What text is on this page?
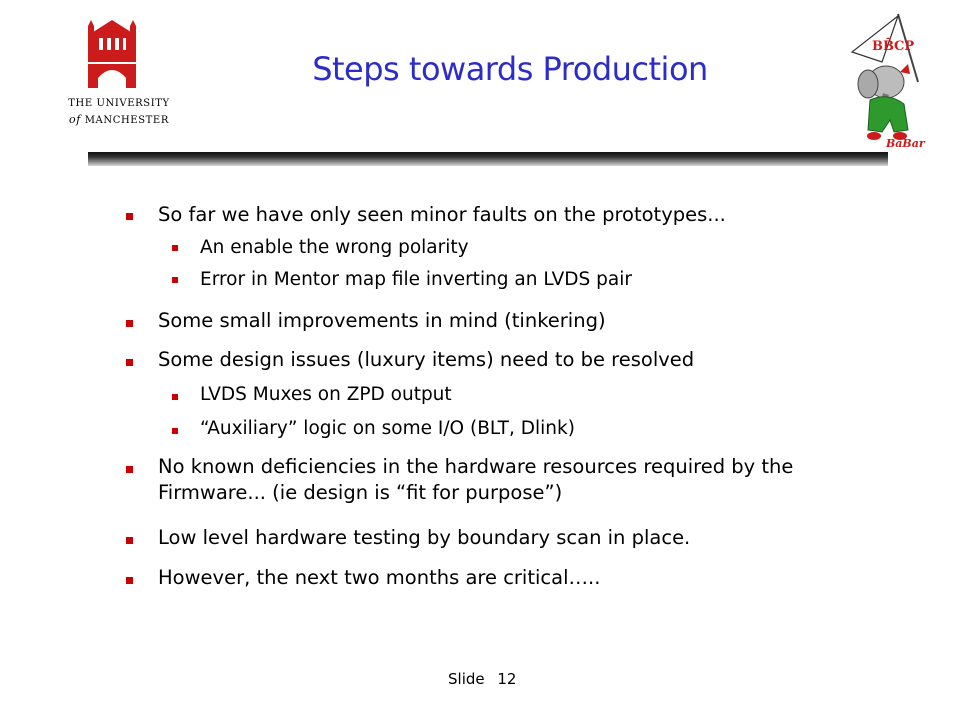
THE UNIVERSITY
of MANCHESTER
Steps towards Production
BB̄CP
BaBar
So far we have only seen minor faults on the prototypes...
An enable the wrong polarity
Error in Mentor map file inverting an LVDS pair
Some small improvements in mind (tinkering)
Some design issues (luxury items) need to be resolved
LVDS Muxes on ZPD output
“Auxiliary” logic on some I/O (BLT, Dlink)
No known deficiencies in the hardware resources required by the Firmware... (ie design is “fit for purpose”)
Low level hardware testing by boundary scan in place.
However, the next two months are critical…..
Slide 12
